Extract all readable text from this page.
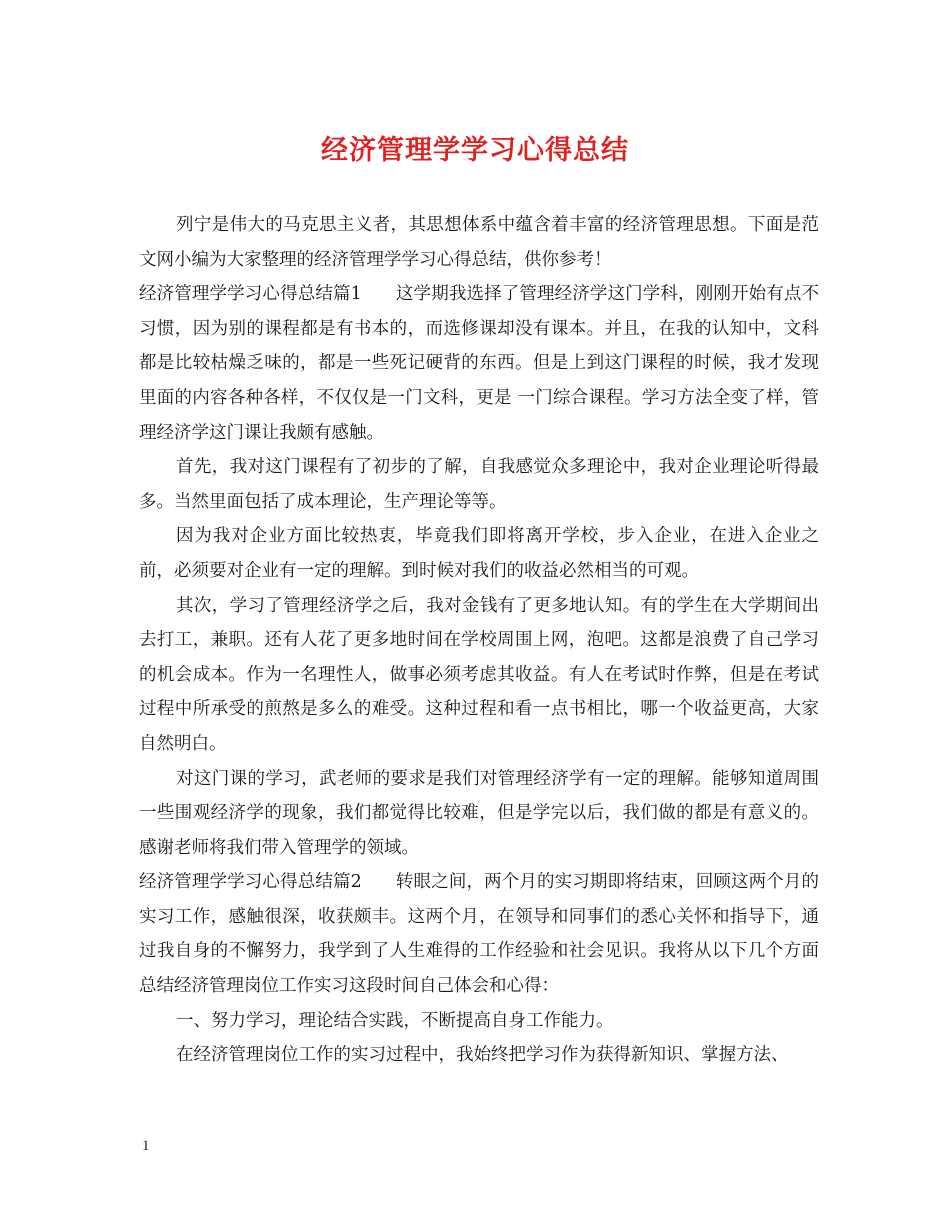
经济管理学学习心得总结

列宁是伟大的马克思主义者，其思想体系中蕴含着丰富的经济管理思想。下面是范文网小编为大家整理的经济管理学学习心得总结，供你参考！

经济管理学学习心得总结篇1 这学期我选择了管理经济学这门学科，刚刚开始有点不习惯，因为别的课程都是有书本的，而选修课却没有课本。并且，在我的认知中，文科都是比较枯燥乏味的，都是一些死记硬背的东西。但是上到这门课程的时候，我才发现里面的内容各种各样，不仅仅是一门文科，更是 一门综合课程。学习方法全变了样，管理经济学这门课让我颇有感触。

首先，我对这门课程有了初步的了解，自我感觉众多理论中，我对企业理论听得最多。当然里面包括了成本理论，生产理论等等。

因为我对企业方面比较热衷，毕竟我们即将离开学校，步入企业，在进入企业之前，必须要对企业有一定的理解。到时候对我们的收益必然相当的可观。

其次，学习了管理经济学之后，我对金钱有了更多地认知。有的学生在大学期间出去打工，兼职。还有人花了更多地时间在学校周围上网，泡吧。这都是浪费了自己学习的机会成本。作为一名理性人，做事必须考虑其收益。有人在考试时作弊，但是在考试过程中所承受的煎熬是多么的难受。这种过程和看一点书相比，哪一个收益更高，大家自然明白。

对这门课的学习，武老师的要求是我们对管理经济学有一定的理解。能够知道周围一些围观经济学的现象，我们都觉得比较难，但是学完以后，我们做的都是有意义的。感谢老师将我们带入管理学的领域。

经济管理学学习心得总结篇2 转眼之间，两个月的实习期即将结束，回顾这两个月的实习工作，感触很深，收获颇丰。这两个月，在领导和同事们的悉心关怀和指导下，通过我自身的不懈努力，我学到了人生难得的工作经验和社会见识。我将从以下几个方面总结经济管理岗位工作实习这段时间自己体会和心得：

一、努力学习，理论结合实践，不断提高自身工作能力。

在经济管理岗位工作的实习过程中，我始终把学习作为获得新知识、掌握方法、

1
